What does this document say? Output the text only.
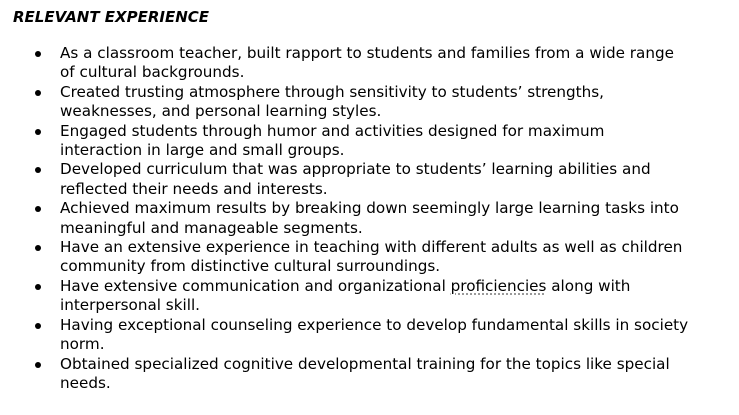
RELEVANT EXPERIENCE
As a classroom teacher, built rapport to students and families from a wide range
of cultural backgrounds.
Created trusting atmosphere through sensitivity to students’ strengths,
weaknesses, and personal learning styles.
Engaged students through humor and activities designed for maximum
interaction in large and small groups.
Developed curriculum that was appropriate to students’ learning abilities and
reflected their needs and interests.
Achieved maximum results by breaking down seemingly large learning tasks into
meaningful and manageable segments.
Have an extensive experience in teaching with different adults as well as children
community from distinctive cultural surroundings.
Have extensive communication and organizational proficiencies along with
interpersonal skill.
Having exceptional counseling experience to develop fundamental skills in society
norm.
Obtained specialized cognitive developmental training for the topics like special
needs.
